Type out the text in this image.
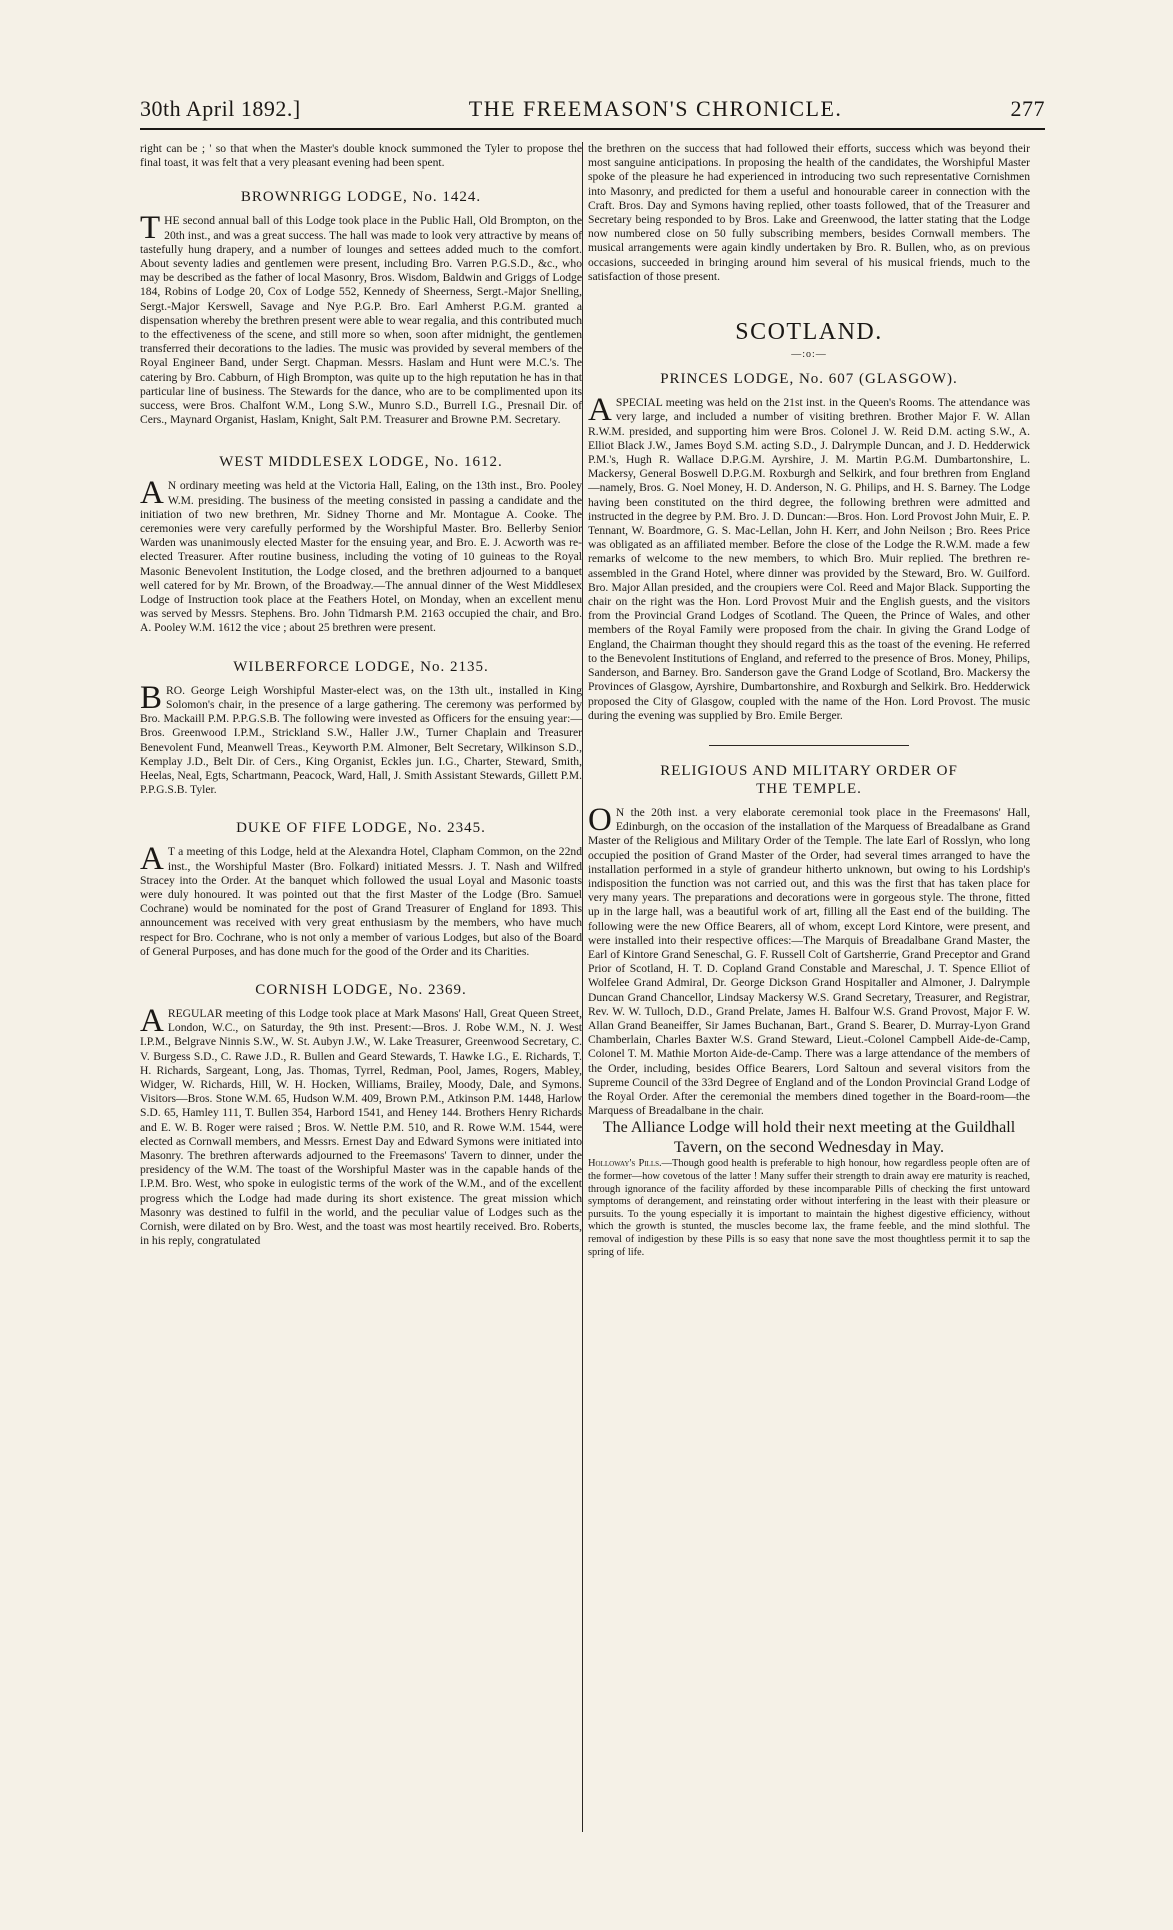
30th April 1892.]	THE FREEMASON'S CHRONICLE.	277

right can be ; ' so that when the Master's double knock summoned the Tyler to propose the final toast, it was felt that a very pleasant evening had been spent.

BROWNRIGG LODGE, No. 1424.

THE second annual ball of this Lodge took place in the Public Hall, Old Brompton, on the 20th inst., and was a great success. The hall was made to look very attractive by means of tastefully hung drapery, and a number of lounges and settees added much to the comfort. About seventy ladies and gentlemen were present, including Bro. Varren P.G.S.D., &c., who may be described as the father of local Masonry, Bros. Wisdom, Baldwin and Griggs of Lodge 184, Robins of Lodge 20, Cox of Lodge 552, Kennedy of Sheerness, Sergt.-Major Snelling, Sergt.-Major Kerswell, Savage and Nye P.G.P. Bro. Earl Amherst P.G.M. granted a dispensation whereby the brethren present were able to wear regalia, and this contributed much to the effectiveness of the scene, and still more so when, soon after midnight, the gentlemen transferred their decorations to the ladies. The music was provided by several members of the Royal Engineer Band, under Sergt. Chapman. Messrs. Haslam and Hunt were M.C.'s. The catering by Bro. Cabburn, of High Brompton, was quite up to the high reputation he has in that particular line of business. The Stewards for the dance, who are to be complimented upon its success, were Bros. Chalfont W.M., Long S.W., Munro S.D., Burrell I.G., Presnail Dir. of Cers., Maynard Organist, Haslam, Knight, Salt P.M. Treasurer and Browne P.M. Secretary.

WEST MIDDLESEX LODGE, No. 1612.

A N ordinary meeting was held at the Victoria Hall, Ealing, on the 13th inst., Bro. Pooley W.M. presiding. The business of the meeting consisted in passing a candidate and the initiation of two new brethren, Mr. Sidney Thorne and Mr. Montague A. Cooke. The ceremonies were very carefully performed by the Worshipful Master. Bro. Bellerby Senior Warden was unanimously elected Master for the ensuing year, and Bro. E. J. Acworth was re-elected Treasurer. After routine business, including the voting of 10 guineas to the Royal Masonic Benevolent Institution, the Lodge closed, and the brethren adjourned to a banquet well catered for by Mr. Brown, of the Broadway.—The annual dinner of the West Middlesex Lodge of Instruction took place at the Feathers Hotel, on Monday, when an excellent menu was served by Messrs. Stephens. Bro. John Tidmarsh P.M. 2163 occupied the chair, and Bro. A. Pooley W.M. 1612 the vice ; about 25 brethren were present.

WILBERFORCE LODGE, No. 2135.

BRO. George Leigh Worshipful Master-elect was, on the 13th ult., installed in King Solomon's chair, in the presence of a large gathering. The ceremony was performed by Bro. Mackaill P.M. P.P.G.S.B. The following were invested as Officers for the ensuing year:—Bros. Greenwood I.P.M., Strickland S.W., Haller J.W., Turner Chaplain and Treasurer Benevolent Fund, Meanwell Treas., Keyworth P.M. Almoner, Belt Secretary, Wilkinson S.D., Kemplay J.D., Belt Dir. of Cers., King Organist, Eckles jun. I.G., Charter, Steward, Smith, Heelas, Neal, Egts, Schartmann, Peacock, Ward, Hall, J. Smith Assistant Stewards, Gillett P.M. P.P.G.S.B. Tyler.

DUKE OF FIFE LODGE, No. 2345.

A T a meeting of this Lodge, held at the Alexandra Hotel, Clapham Common, on the 22nd inst., the Worshipful Master (Bro. Folkard) initiated Messrs. J. T. Nash and Wilfred Stracey into the Order. At the banquet which followed the usual Loyal and Masonic toasts were duly honoured. It was pointed out that the first Master of the Lodge (Bro. Samuel Cochrane) would be nominated for the post of Grand Treasurer of England for 1893. This announcement was received with very great enthusiasm by the members, who have much respect for Bro. Cochrane, who is not only a member of various Lodges, but also of the Board of General Purposes, and has done much for the good of the Order and its Charities.

CORNISH LODGE, No. 2369.

AREGULAR meeting of this Lodge took place at Mark Masons' Hall, Great Queen Street, London, W.C., on Saturday, the 9th inst. Present:—Bros. J. Robe W.M., N. J. West I.P.M., Belgrave Ninnis S.W., W. St. Aubyn J.W., W. Lake Treasurer, Greenwood Secretary, C. V. Burgess S.D., C. Rawe J.D., R. Bullen and Geard Stewards, T. Hawke I.G., E. Richards, T. H. Richards, Sargeant, Long, Jas. Thomas, Tyrrel, Redman, Pool, James, Rogers, Mabley, Widger, W. Richards, Hill, W. H. Hocken, Williams, Brailey, Moody, Dale, and Symons. Visitors—Bros. Stone W.M. 65, Hudson W.M. 409, Brown P.M., Atkinson P.M. 1448, Harlow S.D. 65, Hamley 111, T. Bullen 354, Harbord 1541, and Heney 144. Brothers Henry Richards and E. W. B. Roger were raised ; Bros. W. Nettle P.M. 510, and R. Rowe W.M. 1544, were elected as Cornwall members, and Messrs. Ernest Day and Edward Symons were initiated into Masonry. The brethren afterwards adjourned to the Freemasons' Tavern to dinner, under the presidency of the W.M. The toast of the Worshipful Master was in the capable hands of the I.P.M. Bro. West, who spoke in eulogistic terms of the work of the W.M., and of the excellent progress which the Lodge had made during its short existence. The great mission which Masonry was destined to fulfil in the world, and the peculiar value of Lodges such as the Cornish, were dilated on by Bro. West, and the toast was most heartily received. Bro. Roberts, in his reply, congratulated

the brethren on the success that had followed their efforts, success which was beyond their most sanguine anticipations. In proposing the health of the candidates, the Worshipful Master spoke of the pleasure he had experienced in introducing two such representative Cornishmen into Masonry, and predicted for them a useful and honourable career in connection with the Craft. Bros. Day and Symons having replied, other toasts followed, that of the Treasurer and Secretary being responded to by Bros. Lake and Greenwood, the latter stating that the Lodge now numbered close on 50 fully subscribing members, besides Cornwall members. The musical arrangements were again kindly undertaken by Bro. R. Bullen, who, as on previous occasions, succeeded in bringing around him several of his musical friends, much to the satisfaction of those present.

SCOTLAND.
—:o:—
PRINCES LODGE, No. 607 (GLASGOW).

ASPECIAL meeting was held on the 21st inst. in the Queen's Rooms. The attendance was very large, and included a number of visiting brethren. Brother Major F. W. Allan R.W.M. presided, and supporting him were Bros. Colonel J. W. Reid D.M. acting S.W., A. Elliot Black J.W., James Boyd S.M. acting S.D., J. Dalrymple Duncan, and J. D. Hedderwick P.M.'s, Hugh R. Wallace D.P.G.M. Ayrshire, J. M. Martin P.G.M. Dumbartonshire, L. Mackersy, General Boswell D.P.G.M. Roxburgh and Selkirk, and four brethren from England—namely, Bros. G. Noel Money, H. D. Anderson, N. G. Philips, and H. S. Barney. The Lodge having been constituted on the third degree, the following brethren were admitted and instructed in the degree by P.M. Bro. J. D. Duncan:—Bros. Hon. Lord Provost John Muir, E. P. Tennant, W. Boardmore, G. S. Mac-Lellan, John H. Kerr, and John Neilson ; Bro. Rees Price was obligated as an affiliated member. Before the close of the Lodge the R.W.M. made a few remarks of welcome to the new members, to which Bro. Muir replied. The brethren re-assembled in the Grand Hotel, where dinner was provided by the Steward, Bro. W. Guilford. Bro. Major Allan presided, and the croupiers were Col. Reed and Major Black. Supporting the chair on the right was the Hon. Lord Provost Muir and the English guests, and the visitors from the Provincial Grand Lodges of Scotland. The Queen, the Prince of Wales, and other members of the Royal Family were proposed from the chair. In giving the Grand Lodge of England, the Chairman thought they should regard this as the toast of the evening. He referred to the Benevolent Institutions of England, and referred to the presence of Bros. Money, Philips, Sanderson, and Barney. Bro. Sanderson gave the Grand Lodge of Scotland, Bro. Mackersy the Provinces of Glasgow, Ayrshire, Dumbartonshire, and Roxburgh and Selkirk. Bro. Hedderwick proposed the City of Glasgow, coupled with the name of the Hon. Lord Provost. The music during the evening was supplied by Bro. Emile Berger.

RELIGIOUS AND MILITARY ORDER OF
THE TEMPLE.

O N the 20th inst. a very elaborate ceremonial took place in the Freemasons' Hall, Edinburgh, on the occasion of the installation of the Marquess of Breadalbane as Grand Master of the Religious and Military Order of the Temple. The late Earl of Rosslyn, who long occupied the position of Grand Master of the Order, had several times arranged to have the installation performed in a style of grandeur hitherto unknown, but owing to his Lordship's indisposition the function was not carried out, and this was the first that has taken place for very many years. The preparations and decorations were in gorgeous style. The throne, fitted up in the large hall, was a beautiful work of art, filling all the East end of the building. The following were the new Office Bearers, all of whom, except Lord Kintore, were present, and were installed into their respective offices:—The Marquis of Breadalbane Grand Master, the Earl of Kintore Grand Seneschal, G. F. Russell Colt of Gartsherrie, Grand Preceptor and Grand Prior of Scotland, H. T. D. Copland Grand Constable and Mareschal, J. T. Spence Elliot of Wolfelee Grand Admiral, Dr. George Dickson Grand Hospitaller and Almoner, J. Dalrymple Duncan Grand Chancellor, Lindsay Mackersy W.S. Grand Secretary, Treasurer, and Registrar, Rev. W. W. Tulloch, D.D., Grand Prelate, James H. Balfour W.S. Grand Provost, Major F. W. Allan Grand Beaneiffer, Sir James Buchanan, Bart., Grand S. Bearer, D. Murray-Lyon Grand Chamberlain, Charles Baxter W.S. Grand Steward, Lieut.-Colonel Campbell Aide-de-Camp, Colonel T. M. Mathie Morton Aide-de-Camp. There was a large attendance of the members of the Order, including, besides Office Bearers, Lord Saltoun and several visitors from the Supreme Council of the 33rd Degree of England and of the London Provincial Grand Lodge of the Royal Order. After the ceremonial the members dined together in the Board-room—the Marquess of Breadalbane in the chair.

The Alliance Lodge will hold their next meeting at the Guildhall Tavern, on the second Wednesday in May.

Holloway's Pills.—Though good health is preferable to high honour, how regardless people often are of the former—how covetous of the latter ! Many suffer their strength to drain away ere maturity is reached, through ignorance of the facility afforded by these incomparable Pills of checking the first untoward symptoms of derangement, and reinstating order without interfering in the least with their pleasure or pursuits. To the young especially it is important to maintain the highest digestive efficiency, without which the growth is stunted, the muscles become lax, the frame feeble, and the mind slothful. The removal of indigestion by these Pills is so easy that none save the most thoughtless permit it to sap the spring of life.
